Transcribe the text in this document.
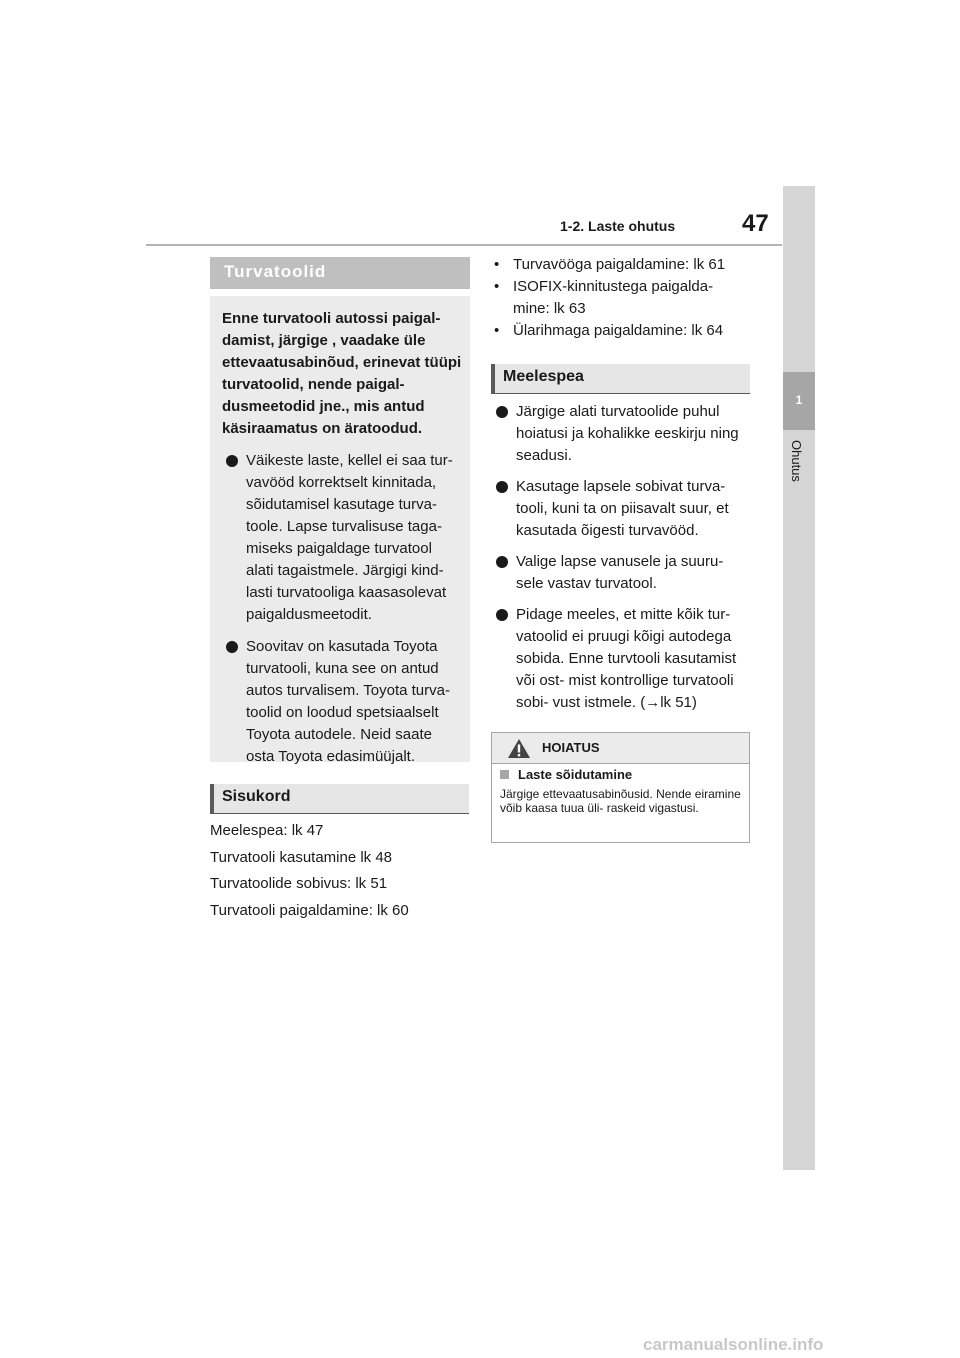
1-2. Laste ohutus	47
1
Ohutus
Turvatoolid

Enne turvatooli autossi paigal- damist, järgige , vaadake üle ettevaatusabinõud, erinevat tüüpi turvatoolid, nende paigal- dusmeetodid jne., mis antud käsiraamatus on äratoodud.

Väikeste laste, kellel ei saa tur- vavööd korrektselt kinnitada, sõidutamisel kasutage turva- toole. Lapse turvalisuse taga- miseks paigaldage turvatool alati tagaistmele. Järgigi kind- lasti turvatooliga kaasasolevat paigaldusmeetodit.
Soovitav on kasutada Toyota turvatooli, kuna see on antud autos turvalisem. Toyota turva- toolid on loodud spetsiaalselt Toyota autodele. Neid saate osta Toyota edasimüüjalt.
Sisukord
Meelespea: lk 47
Turvatooli kasutamine lk 48
Turvatoolide sobivus: lk 51
Turvatooli paigaldamine: lk 60
• Turvavööga paigaldamine: lk 61
• ISOFIX-kinnitustega paigalda- mine: lk 63
• Ülarihmaga paigaldamine: lk 64
Meelespea
Järgige alati turvatoolide puhul hoiatusi ja kohalikke eeskirju ning seadusi.
Kasutage lapsele sobivat turva- tooli, kuni ta on piisavalt suur, et kasutada õigesti turvavööd.
Valige lapse vanusele ja suuru- sele vastav turvatool.
Pidage meeles, et mitte kõik tur- vatoolid ei pruugi kõigi autodega sobida. Enne turvtooli kasutamist või ost- mist kontrollige turvatooli sobi- vust istmele. (→lk 51)
HOIATUS
Laste sõidutamine
Järgige ettevaatusabinõusid. Nende eiramine võib kaasa tuua üli- raskeid vigastusi.
carmanualsonline.info
